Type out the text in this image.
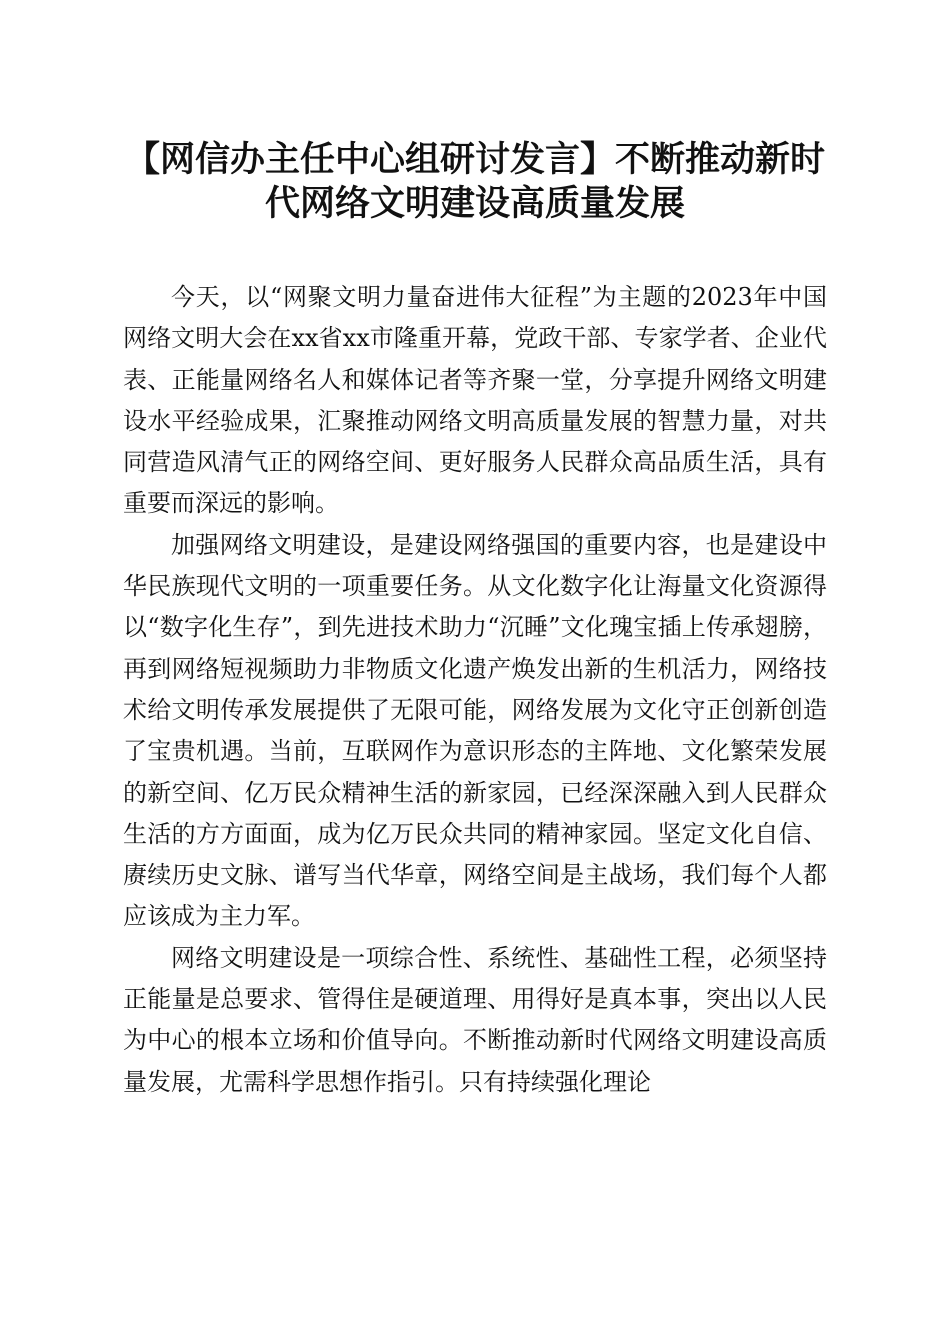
【网信办主任中心组研讨发言】不断推动新时
代网络文明建设高质量发展

今天，以“网聚文明力量奋进伟大征程”为主题的2023年中国网络文明大会在xx省xx市隆重开幕，党政干部、专家学者、企业代表、正能量网络名人和媒体记者等齐聚一堂，分享提升网络文明建设水平经验成果，汇聚推动网络文明高质量发展的智慧力量，对共同营造风清气正的网络空间、更好服务人民群众高品质生活，具有重要而深远的影响。

加强网络文明建设，是建设网络强国的重要内容，也是建设中华民族现代文明的一项重要任务。从文化数字化让海量文化资源得以“数字化生存”，到先进技术助力“沉睡”文化瑰宝插上传承翅膀，再到网络短视频助力非物质文化遗产焕发出新的生机活力，网络技术给文明传承发展提供了无限可能，网络发展为文化守正创新创造了宝贵机遇。当前，互联网作为意识形态的主阵地、文化繁荣发展的新空间、亿万民众精神生活的新家园，已经深深融入到人民群众生活的方方面面，成为亿万民众共同的精神家园。坚定文化自信、赓续历史文脉、谱写当代华章，网络空间是主战场，我们每个人都应该成为主力军。

网络文明建设是一项综合性、系统性、基础性工程，必须坚持正能量是总要求、管得住是硬道理、用得好是真本事，突出以人民为中心的根本立场和价值导向。不断推动新时代网络文明建设高质量发展，尤需科学思想作指引。只有持续强化理论
